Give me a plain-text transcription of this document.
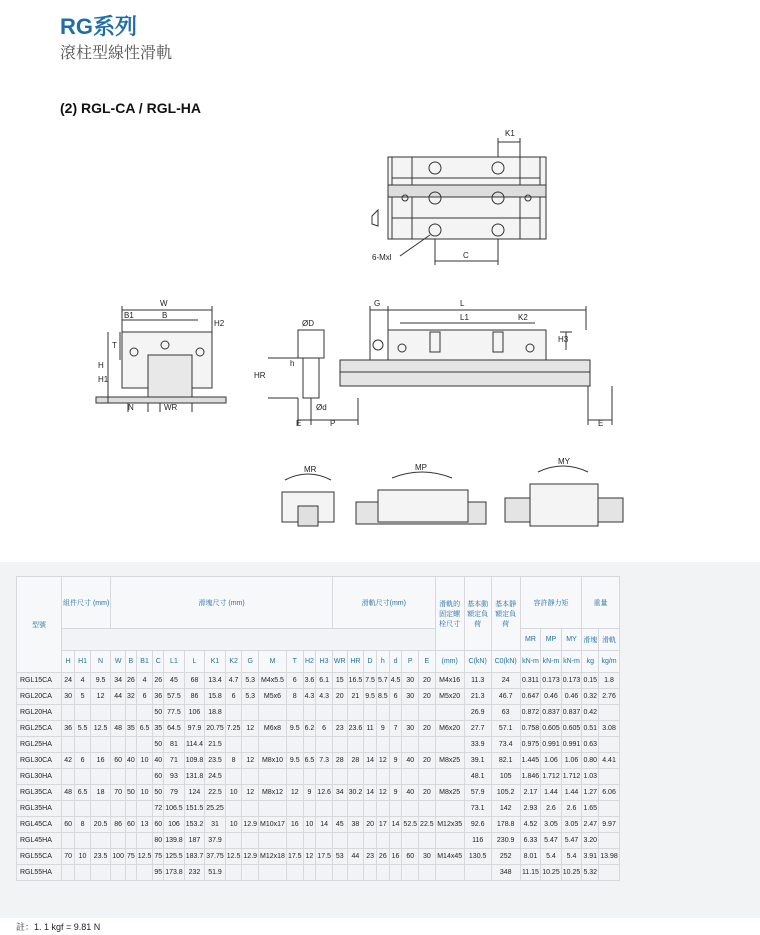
RG系列
滾柱型線性滑軌
(2) RGL-CA / RGL-HA
K1
6-Mxl	C
W
B1	B
H
T
H1
H2
N	WR
ØD
h
HR
Ød
E	P
G	L
L1	K2
H3
E
MR	MP
MY
型號	組件尺寸 (mm)			滑塊尺寸 (mm)													滑軌尺寸(mm)							滑軌的固定螺栓尺寸	基本動額定負荷	基本靜額定負荷	容許靜力矩			重量	
																											MR	MP	MY	滑塊	滑軌
	H	H1	N	W	B	B1	C	L1	L	K1	K2	G	M	T	H2	H3	WR	HR	D	h	d	P	E	(mm)	C(kN)	C0(kN)	kN-m	kN-m	kN-m	kg	kg/m
RGL15CA	24	4	9.5	34	26	4	26	45	68	13.4	4.7	5.3	M4x5.5	6	3.6	6.1	15	16.5	7.5	5.7	4.5	30	20	M4x16	11.3	24	0.311	0.173	0.173	0.15	1.8
RGL20CA	30	5	12	44	32	6	36	57.5	86	15.8	6	5.3	M5x6	8	4.3	4.3	20	21	9.5	8.5	6	30	20	M5x20	21.3	46.7	0.647	0.46	0.46	0.32	2.76
RGL20HA							50	77.5	106	18.8															26.9	63	0.872	0.837	0.837	0.42	
RGL25CA	36	5.5	12.5	48	35	6.5	35	64.5	97.9	20.75	7.25	12	M6x8	9.5	6.2	6	23	23.6	11	9	7	30	20	M6x20	27.7	57.1	0.758	0.605	0.605	0.51	3.08
RGL25HA							50	81	114.4	21.5															33.9	73.4	0.975	0.991	0.991	0.63	
RGL30CA	42	6	16	60	40	10	40	71	109.8	23.5	8	12	M8x10	9.5	6.5	7.3	28	28	14	12	9	40	20	M8x25	39.1	82.1	1.445	1.06	1.06	0.80	4.41
RGL30HA							60	93	131.8	24.5															48.1	105	1.846	1.712	1.712	1.03	
RGL35CA	48	6.5	18	70	50	10	50	79	124	22.5	10	12	M8x12	12	9	12.6	34	30.2	14	12	9	40	20	M8x25	57.9	105.2	2.17	1.44	1.44	1.27	6.06
RGL35HA							72	106.5	151.5	25.25															73.1	142	2.93	2.6	2.6	1.65	
RGL45CA	60	8	20.5	86	60	13	60	106	153.2	31	10	12.9	M10x17	16	10	14	45	38	20	17	14	52.5	22.5	M12x35	92.6	178.8	4.52	3.05	3.05	2.47	9.97
RGL45HA							80	139.8	187	37.9															116	230.9	6.33	5.47	5.47	3.20	
RGL55CA	70	10	23.5	100	75	12.5	75	125.5	183.7	37.75	12.5	12.9	M12x18	17.5	12	17.5	53	44	23	26	16	60	30	M14x45	130.5	252	8.01	5.4	5.4	3.91	13.98
RGL55HA							95	173.8	232	51.9																348	11.15	10.25	10.25	5.32	
註：1. 1 kgf = 9.81 N
